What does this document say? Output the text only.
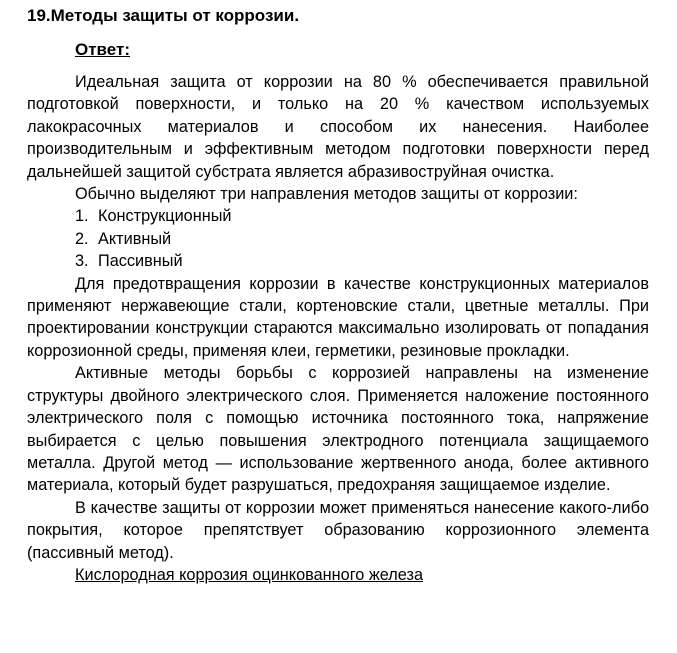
19.Методы защиты от коррозии.
Ответ:

Идеальная защита от коррозии на 80 % обеспечивается правильной подготовкой поверхности, и только на 20 % качеством используемых лакокрасочных материалов и способом их нанесения. Наиболее производительным и эффективным методом подготовки поверхности перед дальнейшей защитой субстрата является абразивоструйная очистка.

Обычно выделяют три направления методов защиты от коррозии:

1. Конструкционный
2. Активный
3. Пассивный

Для предотвращения коррозии в качестве конструкционных материалов применяют нержавеющие стали, кортеновские стали, цветные металлы. При проектировании конструкции стараются максимально изолировать от попадания коррозионной среды, применяя клеи, герметики, резиновые прокладки.

Активные методы борьбы с коррозией направлены на изменение структуры двойного электрического слоя. Применяется наложение постоянного электрического поля с помощью источника постоянного тока, напряжение выбирается с целью повышения электродного потенциала защищаемого металла. Другой метод — использование жертвенного анода, более активного материала, который будет разрушаться, предохраняя защищаемое изделие.

В качестве защиты от коррозии может применяться нанесение какого-либо покрытия, которое препятствует образованию коррозионного элемента (пассивный метод).

Кислородная коррозия оцинкованного железа
